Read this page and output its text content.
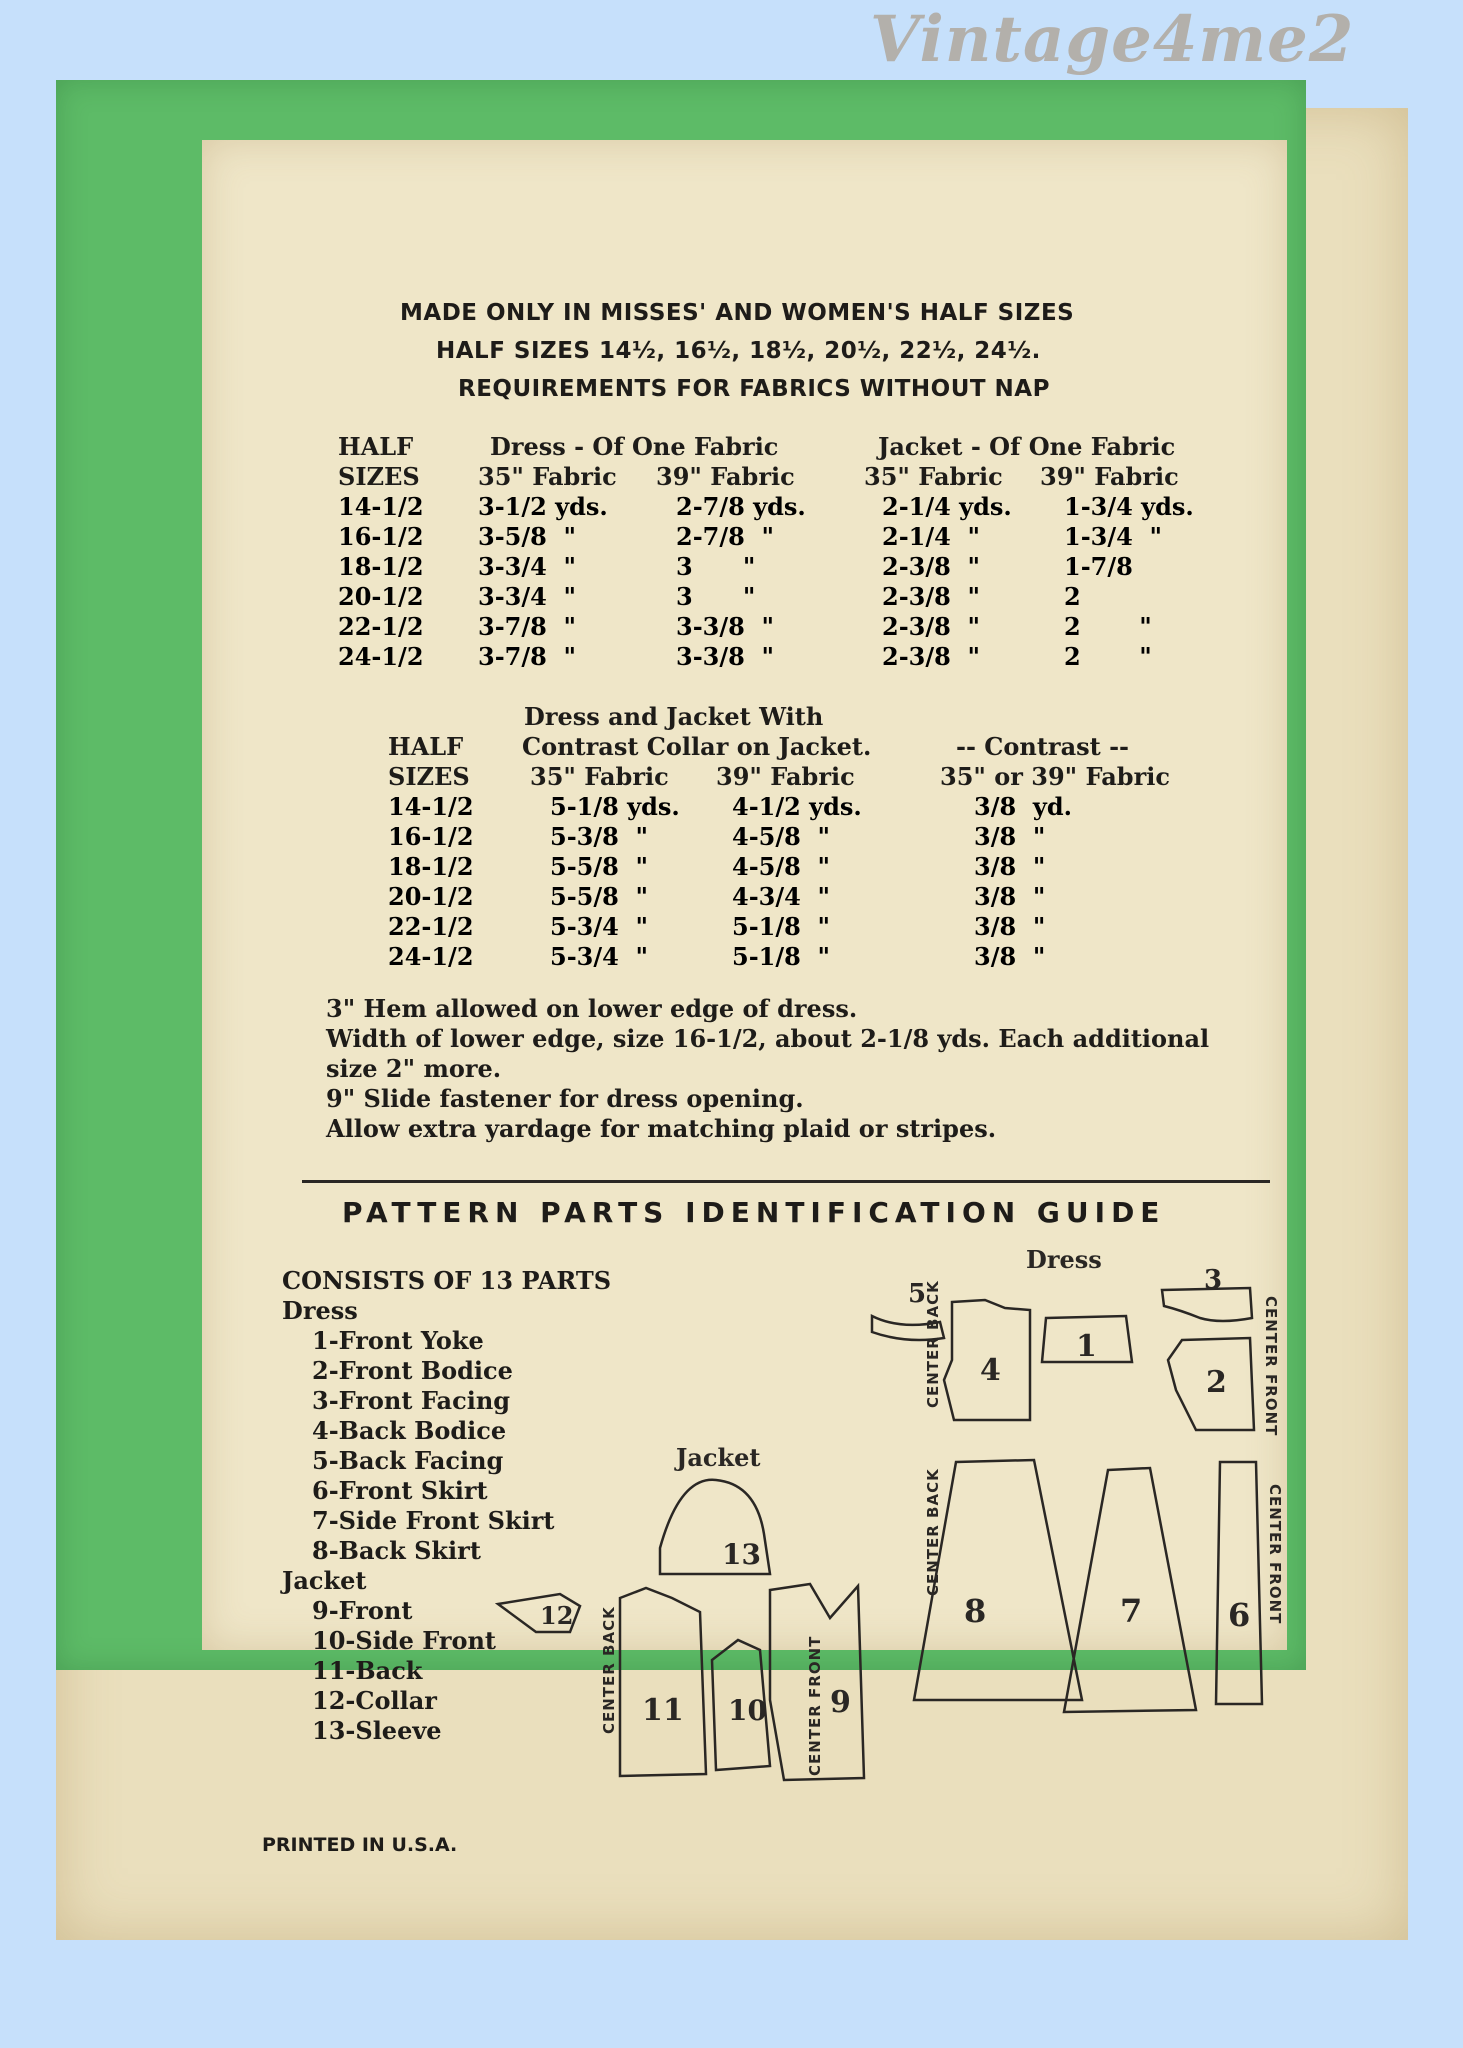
Vintage4me2
MADE ONLY IN MISSES' AND WOMEN'S HALF SIZES
HALF SIZES 14½, 16½, 18½, 20½, 22½, 24½.
REQUIREMENTS FOR FABRICS WITHOUT NAP
HALF
SIZES
Dress - Of One Fabric	Jacket - Of One Fabric
35" Fabric 39" Fabric	35" Fabric 39" Fabric
14-1/2 3-1/2 yds.	2-7/8 yds.	2-1/4 yds. 1-3/4 yds.
16-1/2 3-5/8  "	2-7/8  "	2-1/4  "	1-3/4  "
18-1/2 3-3/4  "	3      "	2-3/8  "	1-7/8
20-1/2 3-3/4  "	3      "	2-3/8  "	2
22-1/2 3-7/8  "	3-3/8  "	2-3/8  "	2       "
24-1/2 3-7/8  "	3-3/8  "	2-3/8  "	2       "
Dress and Jacket With
HALF Contrast Collar on Jacket.	-- Contrast --
SIZES	35" Fabric 39" Fabric	35" or 39" Fabric
14-1/2	5-1/8 yds. 4-1/2 yds.	3/8  yd.
16-1/2	5-3/8  "	4-5/8  "	3/8  "
18-1/2	5-5/8  "	4-5/8  "	3/8  "
20-1/2	5-5/8  "	4-3/4  "	3/8  "
22-1/2	5-3/4  "	5-1/8  "	3/8  "
24-1/2	5-3/4  "	5-1/8  "	3/8  "
3" Hem allowed on lower edge of dress.
Width of lower edge, size 16-1/2, about 2-1/8 yds. Each additional
size 2" more.
9" Slide fastener for dress opening.
Allow extra yardage for matching plaid or stripes.
PATTERN PARTS IDENTIFICATION GUIDE
CONSISTS OF 13 PARTS
Dress
1-Front Yoke
2-Front Bodice
3-Front Facing
4-Back Bodice
5-Back Facing
6-Front Skirt
7-Side Front Skirt
8-Back Skirt
Jacket
9-Front
10-Side Front
11-Back
12-Collar
13-Sleeve
5
4
1
3
2
8	7	6
13
12
11 10 9
Dress
Jacket
CENTER BACK
CENTER BACK
CENTER FRONT
CENTER FRONT
CENTER BACK	CENTER FRONT
PRINTED IN U.S.A.
